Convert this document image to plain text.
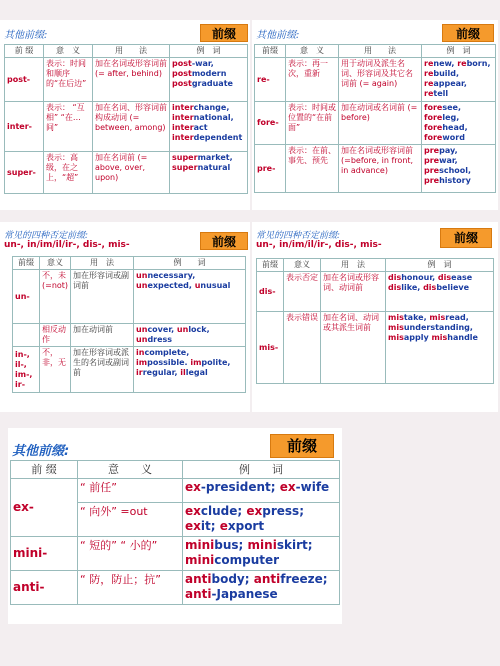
其他前缀:	前缀
前 缀	意　义	用　　法	例　词
post-	表示：时间和顺序的“在后边”	加在名词或形容词前 (= after, behind)	post-war, postmodern postgraduate
inter-	表示： “互相” “在…间”	加在名词、形容词前构成动词 (= between, among)	interchange, international, interact interdependent
super-	表示：高级，在之上，“超”	加在名词前 (= above, over, upon)	supermarket, supernatural
其他前缀:	前缀
前缀	意　义	用　　法	例　词
re-	表示：再一次，重新	用于动词及派生名词、形容词及其它名词前 (= again)	renew, reborn, rebuild, reappear, retell
fore-	表示：时间或位置的“在前面”	加在动词或名词前 (= before)	foresee, foreleg, forehead, foreword
pre-	表示：在前、事先、预先	加在名词或形容词前 (=before, in front, in advance)	prepay, prewar, preschool, prehistory
常见的四种否定前缀:
un-, in/im/il/ir-, dis-, mis-	前缀
前缀	意义	用　法	例　　词
un-	不，未 (=not)	加在形容词或副词前	unnecessary, unexpected, unusual
	相反动作	加在动词前	uncover, unlock, undress
in-, il-, im-, ir-	不，非，无	加在形容词或派生的名词或副词前	incomplete, impossible. impolite, irregular, illegal
常见的四种否定前缀:
un-, in/im/il/ir-, dis-, mis-	前缀
前缀	意义	用　法	例　词
dis-	表示否定	加在名词或形容词、动词前	dishonour, disease dislike, disbelieve
mis-	表示错误	加在名词、动词或其派生词前	mistake, misread, misunderstanding, misapply mishandle
其他前缀:	前缀
前 缀	意　　义	例　　词
ex-	“ 前任”	ex-president; ex-wife
	“ 向外” =out	exclude; express; exit; export
mini-	“ 短的” “ 小的”	minibus; miniskirt; minicomputer
anti-	“ 防，防止；抗”	antibody; antifreeze; anti-Japanese
